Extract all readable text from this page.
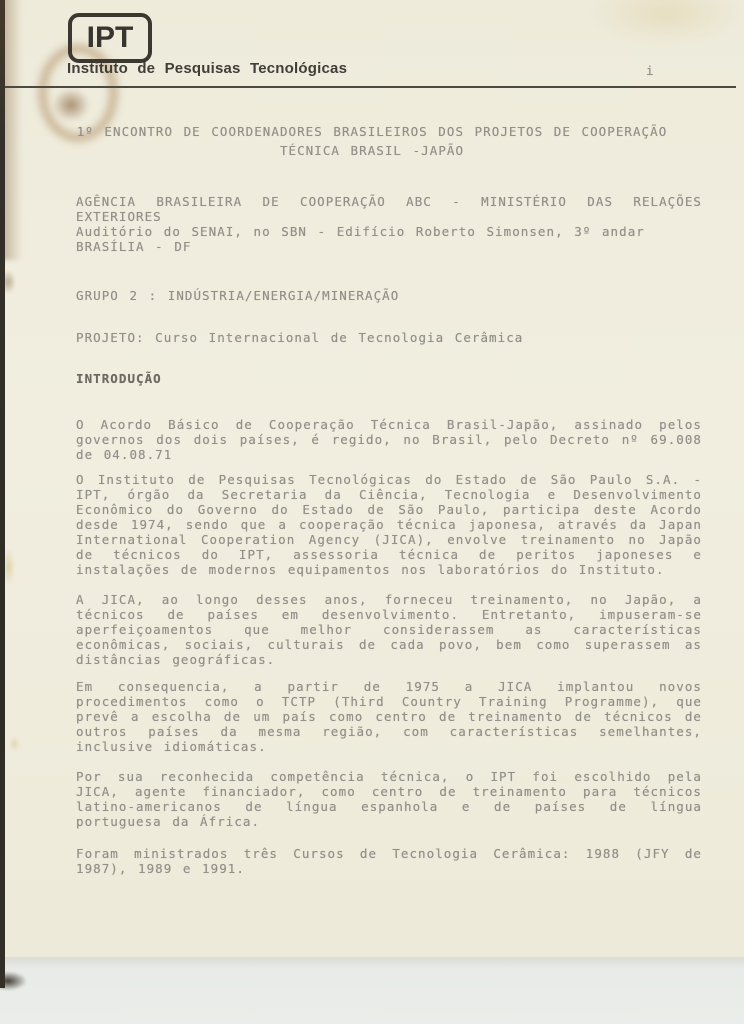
IPT
Instituto de Pesquisas Tecnológicas	i
1º ENCONTRO DE COORDENADORES BRASILEIROS DOS PROJETOS DE COOPERAÇÃO
TÉCNICA BRASIL -JAPÃO
AGÊNCIA BRASILEIRA DE COOPERAÇÃO ABC - MINISTÉRIO DAS RELAÇÕES
EXTERIORES
Auditório do SENAI, no SBN - Edifício Roberto Simonsen, 3º andar
BRASÍLIA - DF
GRUPO 2 : INDÚSTRIA/ENERGIA/MINERAÇÃO
PROJETO: Curso Internacional de Tecnologia Cerâmica
INTRODUÇÃO
O Acordo Básico de Cooperação Técnica Brasil-Japão, assinado pelos
governos dos dois países, é regido, no Brasil, pelo Decreto nº 69.008
de 04.08.71
O Instituto de Pesquisas Tecnológicas do Estado de São Paulo S.A. -
IPT, órgão da Secretaria da Ciência, Tecnologia e Desenvolvimento
Econômico do Governo do Estado de São Paulo, participa deste Acordo
desde 1974, sendo que a cooperação técnica japonesa, através da Japan
International Cooperation Agency (JICA), envolve treinamento no Japão
de técnicos do IPT, assessoria técnica de peritos japoneses e
instalações de modernos equipamentos nos laboratórios do Instituto.
A JICA, ao longo desses anos, forneceu treinamento, no Japão, a
técnicos de países em desenvolvimento. Entretanto, impuseram-se
aperfeiçoamentos que melhor considerassem as características
econômicas, sociais, culturais de cada povo, bem como superassem as
distâncias geográficas.
Em consequencia, a partir de 1975 a JICA implantou novos
procedimentos como o TCTP (Third Country Training Programme), que
prevê a escolha de um país como centro de treinamento de técnicos de
outros países da mesma região, com características semelhantes,
inclusive idiomáticas.
Por sua reconhecida competência técnica, o IPT foi escolhido pela
JICA, agente financiador, como centro de treinamento para técnicos
latino-americanos de língua espanhola e de países de língua
portuguesa da África.
Foram ministrados três Cursos de Tecnologia Cerâmica: 1988 (JFY de
1987), 1989 e 1991.
